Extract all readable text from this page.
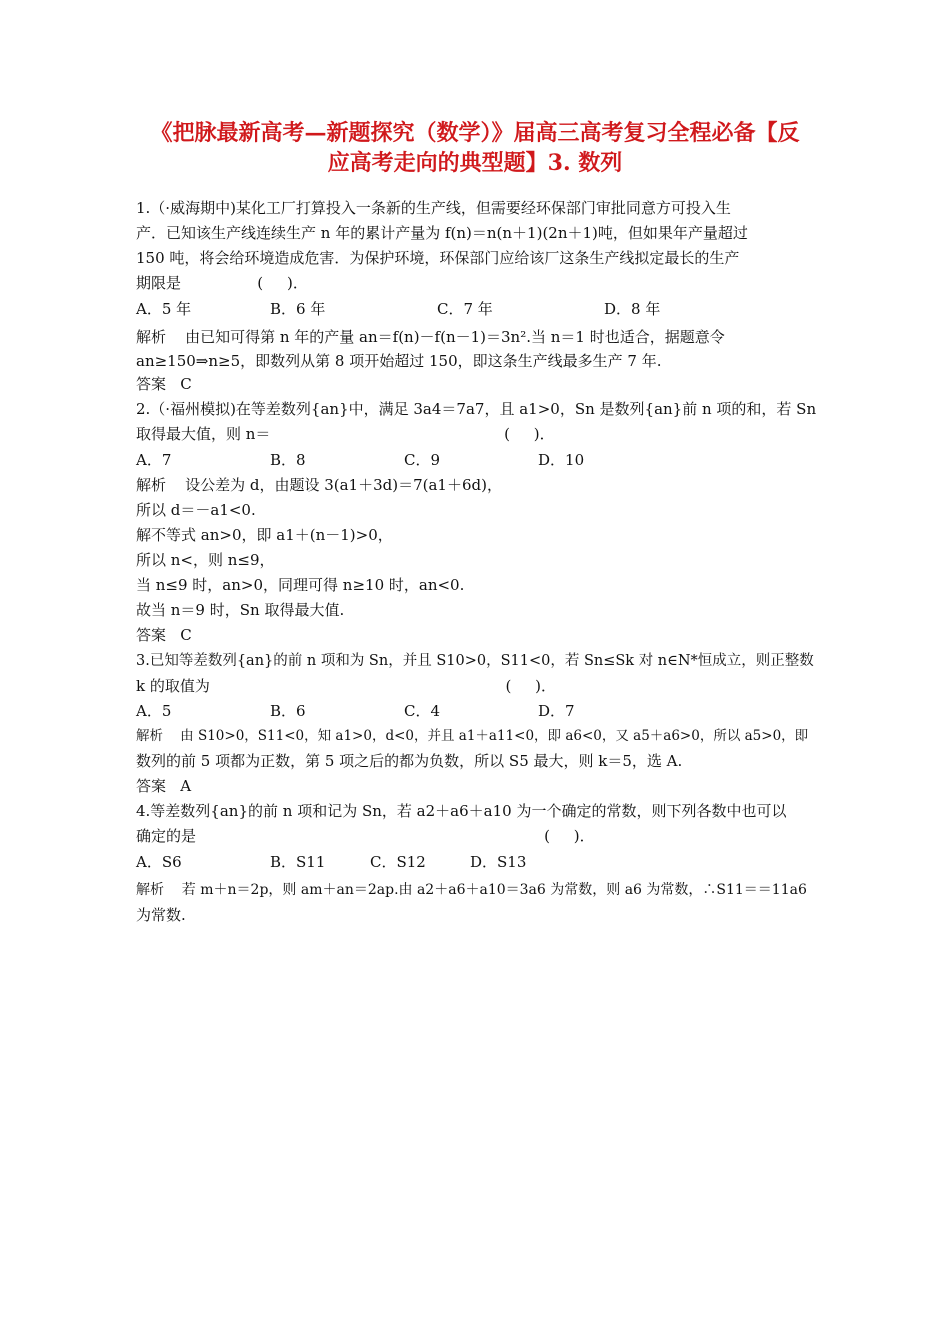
《把脉最新高考—新题探究（数学）》届高三高考复习全程必备【反
应高考走向的典型题】3. 数列
1.（·威海期中)某化工厂打算投入一条新的生产线，但需要经环保部门审批同意方可投入生
产．已知该生产线连续生产 n 年的累计产量为 f(n)＝n(n＋1)(2n＋1)吨，但如果年产量超过
150 吨，将会给环境造成危害．为保护环境，环保部门应给该厂这条生产线拟定最长的生产
期限是                (     )．
A．5 年	B．6 年	C．7 年	D．8 年
解析    由已知可得第 n 年的产量 an＝f(n)－f(n－1)＝3n².当 n＝1 时也适合，据题意令
an≥150⇒n≥5，即数列从第 8 项开始超过 150，即这条生产线最多生产 7 年.
答案   C
2.（·福州模拟)在等差数列{an}中，满足 3a4＝7a7，且 a1>0，Sn 是数列{an}前 n 项的和，若 Sn
取得最大值，则 n＝                                                 (     )．
A．7	B．8	C．9	D．10
解析    设公差为 d，由题设 3(a1＋3d)＝7(a1＋6d)，
所以 d＝－a1<0.
解不等式 an>0，即 a1＋(n－1)>0，
所以 n<，则 n≤9，
当 n≤9 时，an>0，同理可得 n≥10 时，an<0.
故当 n＝9 时，Sn 取得最大值.
答案   C
3.已知等差数列{an}的前 n 项和为 Sn，并且 S10>0，S11<0，若 Sn≤Sk 对 n∈N*恒成立，则正整数
k 的取值为                                                              (     )．
A．5	B．6	C．4	D．7
解析    由 S10>0，S11<0，知 a1>0，d<0，并且 a1＋a11<0，即 a6<0，又 a5＋a6>0，所以 a5>0，即
数列的前 5 项都为正数，第 5 项之后的都为负数，所以 S5 最大，则 k＝5，选 A.
答案   A
4.等差数列{an}的前 n 项和记为 Sn，若 a2＋a6＋a10 为一个确定的常数，则下列各数中也可以
确定的是                                                                         (     )．
A．S6	B．S11	C．S12	D．S13
解析    若 m＋n＝2p，则 am＋an＝2ap.由 a2＋a6＋a10＝3a6 为常数，则 a6 为常数，∴S11＝＝11a6
为常数.
